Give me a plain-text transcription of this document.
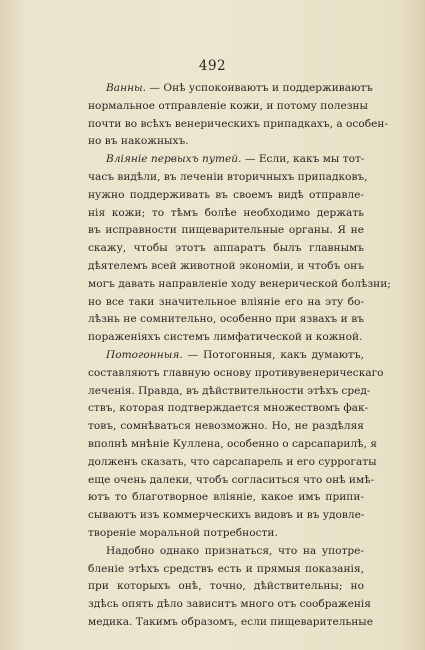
492
Ванны. — Онѣ успокоиваютъ и поддерживаютъ
нормальное отправленіе кожи, и потому полезны
почти во всѣхъ венерическихъ припадкахъ, а особен-
но въ накожныхъ.
Вліяніе первыхъ путей. — Если, какъ мы тот-
часъ видѣли, въ леченіи вторичныхъ припадковъ,
нужно поддерживать въ своемъ видѣ отправле-
нія кожи; то тѣмъ болѣе необходимо держать
въ исправности пищеварительные органы. Я не
скажу, чтобы этотъ аппаратъ былъ главнымъ
дѣятелемъ всей животной экономіи, и чтобъ онъ
могъ давать направленіе ходу венерической болѣзни;
но все таки значительное вліяніе его на эту бо-
лѣзнь не сомнительно, особенно при язвахъ и въ
пораженіяхъ системъ лимфатической и кожной.
Потогонныя. — Потогонныя, какъ думаютъ,
составляютъ главную основу противувенерическаго
леченія. Правда, въ дѣйствительности этѣхъ сред-
ствъ, которая подтверждается множествомъ фак-
товъ, сомнѣваться невозможно. Но, не раздѣляя
вполнѣ мнѣніе Куллена, особенно о сарсапарилѣ, я
долженъ сказать, что сарсапарель и его суррогаты
еще очень далеки, чтобъ согласиться что онѣ имѣ-
ютъ то благотворное вліяніе, какое имъ припи-
сываютъ изъ коммерческихъ видовъ и въ удовле-
твореніе моральной потребности.
Надобно однако признаться, что на употре-
бленіе этѣхъ средствъ есть и прямыя показанія,
при которыхъ онѣ, точно, дѣйствительны; но
здѣсь опять дѣло зависитъ много отъ соображенія
медика. Такимъ образомъ, если пищеварительные
